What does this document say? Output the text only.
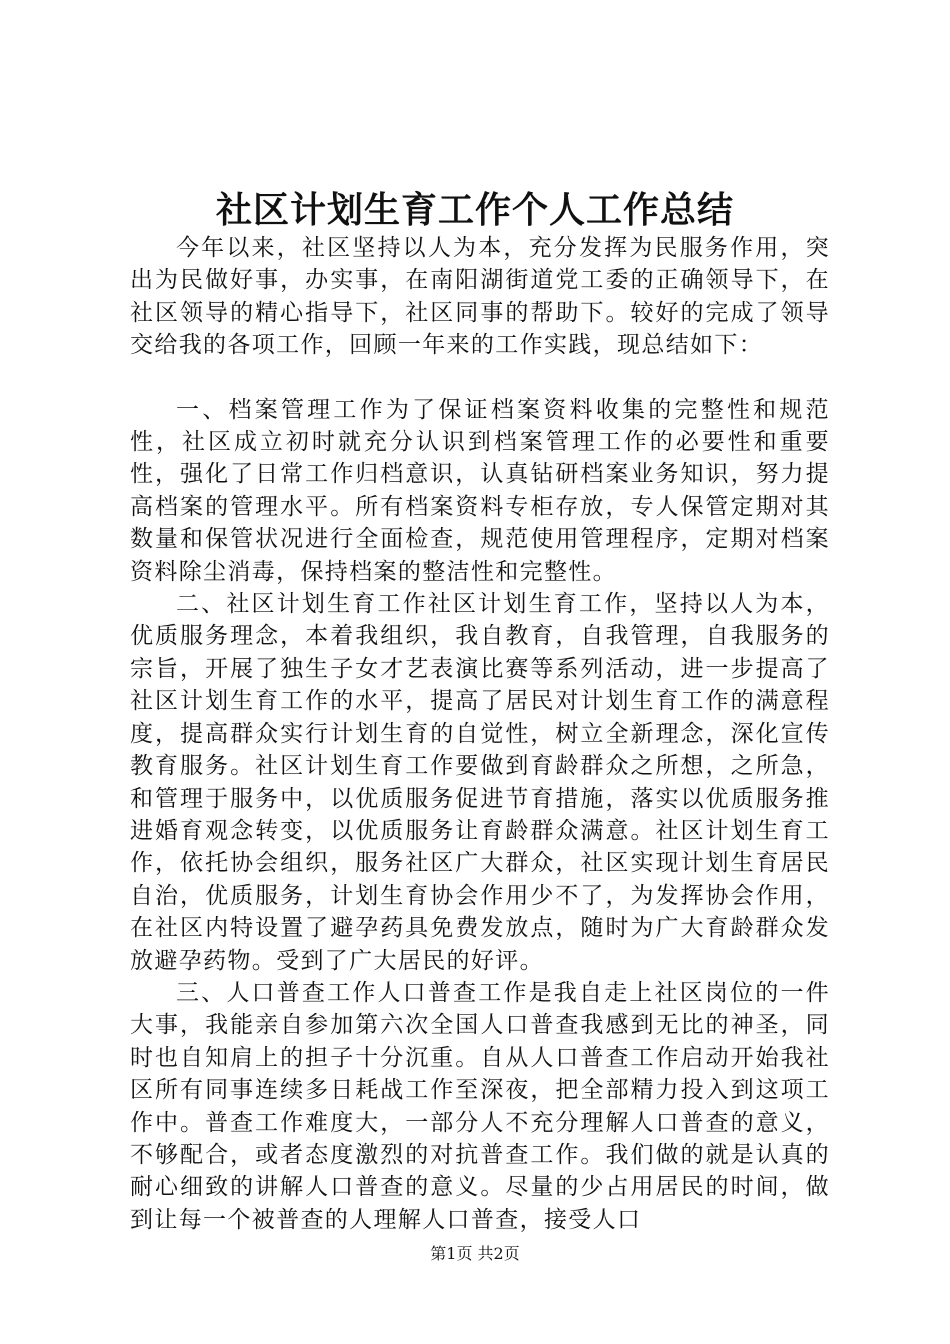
社区计划生育工作个人工作总结

今年以来，社区坚持以人为本，充分发挥为民服务作用，突出为民做好事，办实事，在南阳湖街道党工委的正确领导下，在社区领导的精心指导下，社区同事的帮助下。较好的完成了领导交给我的各项工作，回顾一年来的工作实践，现总结如下：

一、档案管理工作为了保证档案资料收集的完整性和规范性，社区成立初时就充分认识到档案管理工作的必要性和重要性，强化了日常工作归档意识，认真钻研档案业务知识，努力提高档案的管理水平。所有档案资料专柜存放，专人保管定期对其数量和保管状况进行全面检查，规范使用管理程序，定期对档案资料除尘消毒，保持档案的整洁性和完整性。

二、社区计划生育工作社区计划生育工作，坚持以人为本，优质服务理念，本着我组织，我自教育，自我管理，自我服务的宗旨，开展了独生子女才艺表演比赛等系列活动，进一步提高了社区计划生育工作的水平，提高了居民对计划生育工作的满意程度，提高群众实行计划生育的自觉性，树立全新理念，深化宣传教育服务。社区计划生育工作要做到育龄群众之所想，之所急，和管理于服务中，以优质服务促进节育措施，落实以优质服务推进婚育观念转变，以优质服务让育龄群众满意。社区计划生育工作，依托协会组织，服务社区广大群众，社区实现计划生育居民自治，优质服务，计划生育协会作用少不了，为发挥协会作用，在社区内特设置了避孕药具免费发放点，随时为广大育龄群众发放避孕药物。受到了广大居民的好评。

三、人口普查工作人口普查工作是我自走上社区岗位的一件大事，我能亲自参加第六次全国人口普查我感到无比的神圣，同时也自知肩上的担子十分沉重。自从人口普查工作启动开始我社区所有同事连续多日耗战工作至深夜，把全部精力投入到这项工作中。普查工作难度大，一部分人不充分理解人口普查的意义，不够配合，或者态度激烈的对抗普查工作。我们做的就是认真的耐心细致的讲解人口普查的意义。尽量的少占用居民的时间，做到让每一个被普查的人理解人口普查，接受人口

第1页 共2页
